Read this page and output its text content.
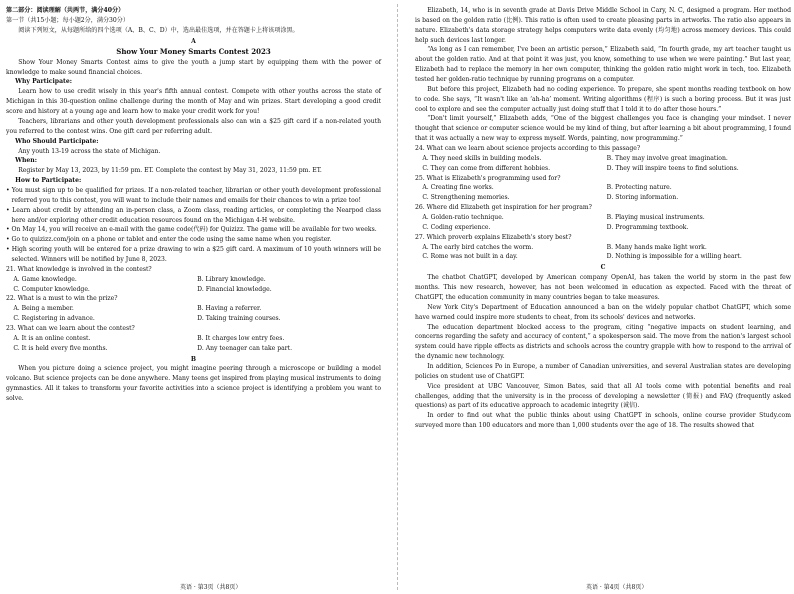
第二部分：阅读理解（共两节，满分40分）

第一节（共15小题；每小题2分，满分30分）

阅读下列短文，从每题所给的四个选项（A、B、C、D）中，选出最佳选项，并在答题卡上将该项涂黑。

A

Show Your Money Smarts Contest 2023

Show Your Money Smarts Contest aims to give the youth a jump start by equipping them with the power of knowledge to make sound financial choices.

Why Participate:

Learn how to use credit wisely in this year's fifth annual contest. Compete with other youths across the state of Michigan in this 30-question online challenge during the month of May and win prizes. Start developing a good credit score and history at a young age and learn how to make your credit work for you!

Teachers, librarians and other youth development professionals also can win a $25 gift card if a non-related youth you referred to the contest wins. One gift card per referring adult.

Who Should Participate:

Any youth 13-19 across the state of Michigan.

When:

Register by May 13, 2023, by 11:59 pm. ET. Complete the contest by May 31, 2023, 11:59 pm. ET.

How to Participate:

• You must sign up to be qualified for prizes. If a non-related teacher, librarian or other youth development professional referred you to this contest, you will want to include their names and emails for their chances to win a prize too!

• Learn about credit by attending an in-person class, a Zoom class, reading articles, or completing the Nearpod class here and/or exploring other credit education resources found on the Michigan 4-H website.

• On May 14, you will receive an e-mail with the game code(代码) for Quizizz. The game will be available for two weeks.

• Go to quizizz.com/join on a phone or tablet and enter the code using the same name when you register.

• High scoring youth will be entered for a prize drawing to win a $25 gift card. A maximum of 10 youth winners will be selected. Winners will be notified by June 8, 2023.

21. What knowledge is involved in the contest?

A. Game knowledge.	B. Library knowledge.
C. Computer knowledge.	D. Financial knowledge.

22. What is a must to win the prize?

A. Being a member.	B. Having a referrer.
C. Registering in advance.	D. Taking training courses.

23. What can we learn about the contest?

A. It is an online contest.	B. It charges low entry fees.
C. It is held every five months.	D. Any teenager can take part.

B

When you picture doing a science project, you might imagine peering through a microscope or building a model volcano. But science projects can be done anywhere. Many teens get inspired from playing musical instruments to doing gymnastics. All it takes to transform your favorite activities into a science project is identifying a problem you want to solve.

Elizabeth, 14, who is in seventh grade at Davis Drive Middle School in Cary, N. C, designed a program. Her method is based on the golden ratio (比例). This ratio is often used to create pleasing parts in artworks. The ratio also appears in nature. Elizabeth's data storage strategy helps computers write data evenly (均匀地) across memory devices. This could help such devices last longer.

“As long as I can remember, I've been an artistic person,” Elizabeth said, “In fourth grade, my art teacher taught us about the golden ratio. And at that point it was just, you know, something to use when we were painting.” But last year, Elizabeth had to replace the memory in her own computer, thinking the golden ratio might work in tech, too. Elizabeth tested her golden-ratio technique by running programs on a computer.

But before this project, Elizabeth had no coding experience. To prepare, she spent months reading textbook on how to code. She says, “It wasn't like an ‘ah-ha’ moment. Writing algorithms (程序) is such a boring process. But it was just cool to explore and see the computer actually just doing stuff that I told it to do after those hours.”

“Don't limit yourself,” Elizabeth adds, “One of the biggest challenges you face is changing your mindset. I never thought that science or computer science would be my kind of thing, but after learning a bit about programming, I found that it was actually a new way to express myself. Words, painting, now programming.”

24. What can we learn about science projects according to this passage?

A. They need skills in building models.	B. They may involve great imagination.
C. They can come from different hobbies.	D. They will inspire teens to find solutions.

25. What is Elizabeth's programming used for?

A. Creating fine works.	B. Protecting nature.
C. Strengthening memories.	D. Storing information.

26. Where did Elizabeth get inspiration for her program?

A. Golden-ratio technique.	B. Playing musical instruments.
C. Coding experience.	D. Programming textbook.

27. Which proverb explains Elizabeth's story best?

A. The early bird catches the worm.	B. Many hands make light work.
C. Rome was not built in a day.	D. Nothing is impossible for a willing heart.

C

The chatbot ChatGPT, developed by American company OpenAI, has taken the world by storm in the past few months. This new research, however, has not been welcomed in education as expected. Faced with the threat of ChatGPT, the education community in many countries began to take measures.

New York City's Department of Education announced a ban on the widely popular chatbot ChatGPT, which some have warned could inspire more students to cheat, from its schools' devices and networks.

The education department blocked access to the program, citing “negative impacts on student learning, and concerns regarding the safety and accuracy of content,” a spokesperson said. The move from the nation's largest school system could have ripple effects as districts and schools across the country grapple with how to respond to the arrival of the dynamic new technology.

In addition, Sciences Po in Europe, a number of Canadian universities, and several Australian states are developing policies on student use of ChatGPT.

Vice president at UBC Vancouver, Simon Bates, said that all AI tools come with potential benefits and real challenges, adding that the university is in the process of developing a newsletter (简报) and FAQ (frequently asked questions) as part of its educative approach to academic integrity (诚信).

In order to find out what the public thinks about using ChatGPT in schools, online course provider Study.com surveyed more than 100 educators and more than 1,000 students over the age of 18. The results showed that

英语 · 第3页（共8页）	英语 · 第4页（共8页）
